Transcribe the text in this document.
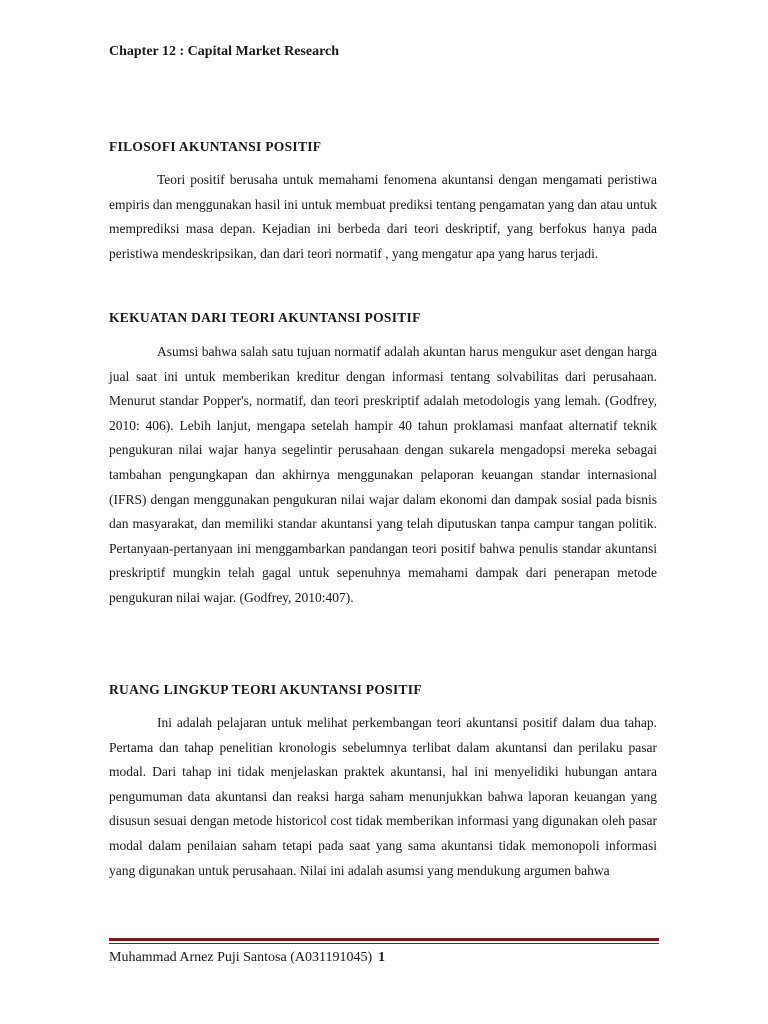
Chapter 12 : Capital Market Research
FILOSOFI AKUNTANSI POSITIF

Teori positif berusaha untuk memahami fenomena akuntansi dengan mengamati peristiwa empiris dan menggunakan hasil ini untuk membuat prediksi tentang pengamatan yang dan atau untuk memprediksi masa depan. Kejadian ini berbeda dari teori deskriptif, yang berfokus hanya pada peristiwa mendeskripsikan, dan dari teori normatif , yang mengatur apa yang harus terjadi.

KEKUATAN DARI TEORI AKUNTANSI POSITIF

Asumsi bahwa salah satu tujuan normatif adalah akuntan harus mengukur aset dengan harga jual saat ini untuk memberikan kreditur dengan informasi tentang solvabilitas dari perusahaan. Menurut standar Popper's, normatif, dan teori preskriptif adalah metodologis yang lemah. (Godfrey, 2010: 406). Lebih lanjut, mengapa setelah hampir 40 tahun proklamasi manfaat alternatif teknik pengukuran nilai wajar hanya segelintir perusahaan dengan sukarela mengadopsi mereka sebagai tambahan pengungkapan dan akhirnya menggunakan pelaporan keuangan standar internasional (IFRS) dengan menggunakan pengukuran nilai wajar dalam ekonomi dan dampak sosial pada bisnis dan masyarakat, dan memiliki standar akuntansi yang telah diputuskan tanpa campur tangan politik. Pertanyaan-pertanyaan ini menggambarkan pandangan teori positif bahwa penulis standar akuntansi preskriptif mungkin telah gagal untuk sepenuhnya memahami dampak dari penerapan metode pengukuran nilai wajar. (Godfrey, 2010:407).

RUANG LINGKUP TEORI AKUNTANSI POSITIF

Ini adalah pelajaran untuk melihat perkembangan teori akuntansi positif dalam dua tahap. Pertama dan tahap penelitian kronologis sebelumnya terlibat dalam akuntansi dan perilaku pasar modal. Dari tahap ini tidak menjelaskan praktek akuntansi, hal ini menyelidiki hubungan antara pengumuman data akuntansi dan reaksi harga saham menunjukkan bahwa laporan keuangan yang disusun sesuai dengan metode historicol cost tidak memberikan informasi yang digunakan oleh pasar modal dalam penilaian saham tetapi pada saat yang sama akuntansi tidak memonopoli informasi yang digunakan untuk perusahaan. Nilai ini adalah asumsi yang mendukung argumen bahwa

Muhammad Arnez Puji Santosa (A031191045) 1
